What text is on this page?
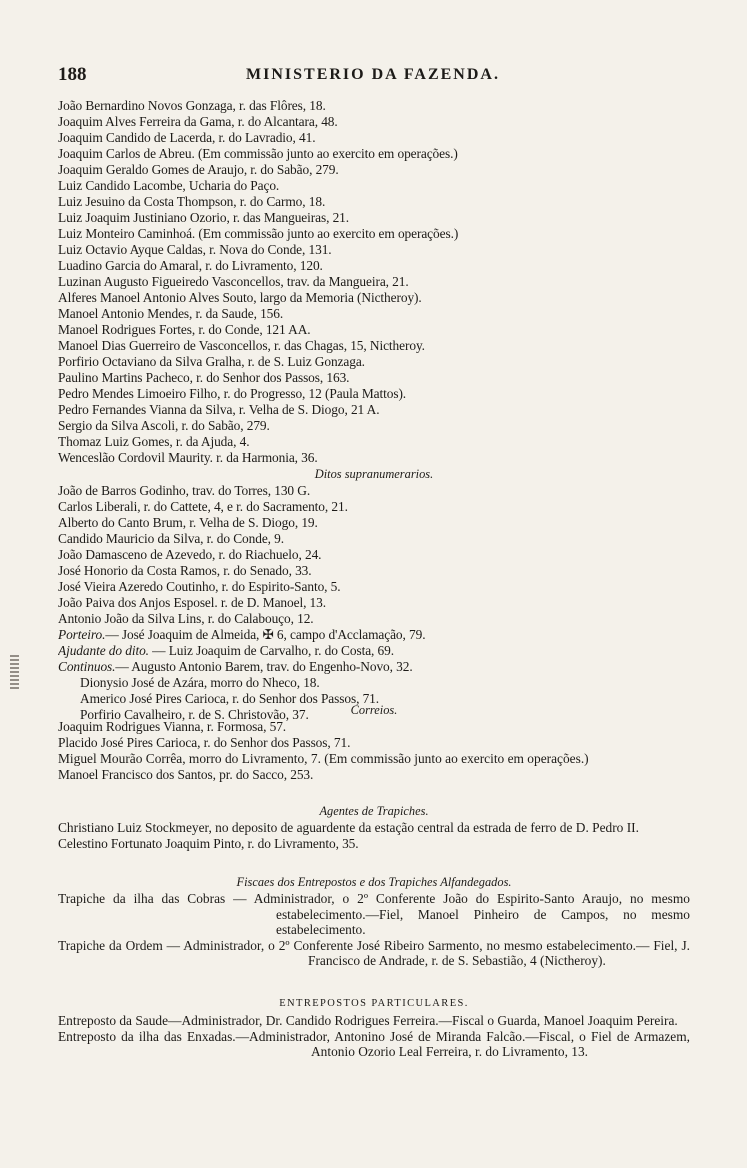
188	MINISTERIO DA FAZENDA.
João Bernardino Novos Gonzaga, r. das Flôres, 18.
Joaquim Alves Ferreira da Gama, r. do Alcantara, 48.
Joaquim Candido de Lacerda, r. do Lavradio, 41.
Joaquim Carlos de Abreu. (Em commissão junto ao exercito em operações.)
Joaquim Geraldo Gomes de Araujo, r. do Sabão, 279.
Luiz Candido Lacombe, Ucharia do Paço.
Luiz Jesuino da Costa Thompson, r. do Carmo, 18.
Luiz Joaquim Justiniano Ozorio, r. das Mangueiras, 21.
Luiz Monteiro Caminhoá. (Em commissão junto ao exercito em operações.)
Luiz Octavio Ayque Caldas, r. Nova do Conde, 131.
Luadino Garcia do Amaral, r. do Livramento, 120.
Luzinan Augusto Figueiredo Vasconcellos, trav. da Mangueira, 21.
Alferes Manoel Antonio Alves Souto, largo da Memoria (Nictheroy).
Manoel Antonio Mendes, r. da Saude, 156.
Manoel Rodrigues Fortes, r. do Conde, 121 AA.
Manoel Dias Guerreiro de Vasconcellos, r. das Chagas, 15, Nictheroy.
Porfirio Octaviano da Silva Gralha, r. de S. Luiz Gonzaga.
Paulino Martins Pacheco, r. do Senhor dos Passos, 163.
Pedro Mendes Limoeiro Filho, r. do Progresso, 12 (Paula Mattos).
Pedro Fernandes Vianna da Silva, r. Velha de S. Diogo, 21 A.
Sergio da Silva Ascoli, r. do Sabão, 279.
Thomaz Luiz Gomes, r. da Ajuda, 4.
Wenceslão Cordovil Maurity. r. da Harmonia, 36.
Ditos supranumerarios.
João de Barros Godinho, trav. do Torres, 130 G.
Carlos Liberali, r. do Cattete, 4, e r. do Sacramento, 21.
Alberto do Canto Brum, r. Velha de S. Diogo, 19.
Candido Mauricio da Silva, r. do Conde, 9.
João Damasceno de Azevedo, r. do Riachuelo, 24.
José Honorio da Costa Ramos, r. do Senado, 33.
José Vieira Azeredo Coutinho, r. do Espirito-Santo, 5.
João Paiva dos Anjos Esposel. r. de D. Manoel, 13.
Antonio João da Silva Lins, r. do Calabouço, 12.
Porteiro.— José Joaquim de Almeida, ✠ 6, campo d'Acclamação, 79.
Ajudante do dito. — Luiz Joaquim de Carvalho, r. do Costa, 69.
Continuos.— Augusto Antonio Barem, trav. do Engenho-Novo, 32.
Dionysio José de Azára, morro do Nheco, 18.
Americo José Pires Carioca, r. do Senhor dos Passos, 71.
Porfirio Cavalheiro, r. de S. Christovão, 37.	Correios.
Joaquim Rodrigues Vianna, r. Formosa, 57.
Placido José Pires Carioca, r. do Senhor dos Passos, 71.
Miguel Mourão Corrêa, morro do Livramento, 7. (Em commissão junto ao exercito em operações.)
Manoel Francisco dos Santos, pr. do Sacco, 253.
Agentes de Trapiches.
Christiano Luiz Stockmeyer, no deposito de aguardente da estação central da estrada de ferro de D. Pedro II.
Celestino Fortunato Joaquim Pinto, r. do Livramento, 35.
Fiscaes dos Entrepostos e dos Trapiches Alfandegados.
Trapiche da ilha das Cobras — Administrador, o 2º Conferente João do Espirito-Santo Araujo, no mesmo estabelecimento.—Fiel, Manoel Pinheiro de Campos, no mesmo estabelecimento.
Trapiche da Ordem — Administrador, o 2º Conferente José Ribeiro Sarmento, no mesmo estabelecimento.— Fiel, J. Francisco de Andrade, r. de S. Sebastião, 4 (Nictheroy).
ENTREPOSTOS PARTICULARES.
Entreposto da Saude—Administrador, Dr. Candido Rodrigues Ferreira.—Fiscal o Guarda, Manoel Joaquim Pereira.
Entreposto da ilha das Enxadas.—Administrador, Antonino José de Miranda Falcão.—Fiscal, o Fiel de Armazem, Antonio Ozorio Leal Ferreira, r. do Livramento, 13.
